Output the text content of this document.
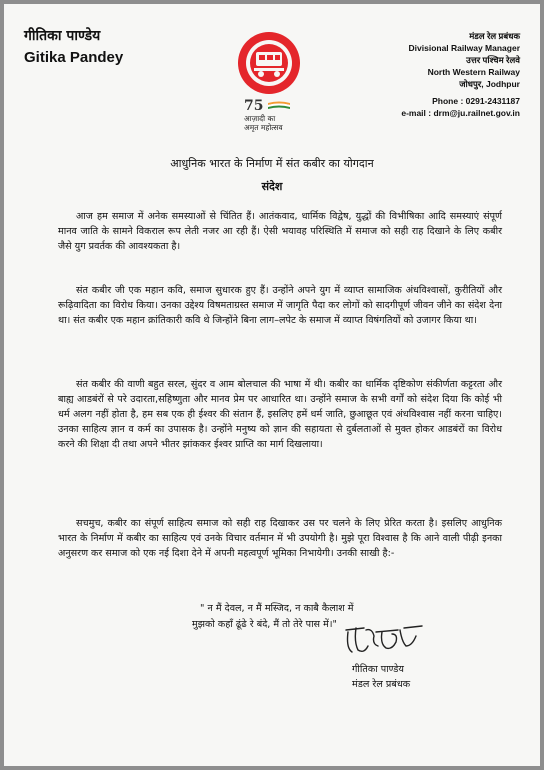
गीतिका पाण्डेय
Gitika Pandey
75
आज़ादी का
अमृत महोत्सव
मंडल रेल प्रबंधक
Divisional Railway Manager
उत्तर पश्चिम रेलवे
North Western Railway
जोधपुर, Jodhpur
Phone : 0291-2431187
e-mail : drm@ju.railnet.gov.in
आधुनिक भारत के निर्माण में संत कबीर का योगदान
संदेश
आज हम समाज में अनेक समस्याओं से चिंतित हैं। आतंकवाद, धार्मिक विद्वेष, युद्धों की विभीषिका आदि समस्याएं संपूर्ण मानव जाति के सामने विकराल रूप लेती नजर आ रही हैं। ऐसी भयावह परिस्थिति में समाज को सही राह दिखाने के लिए कबीर जैसे युग प्रवर्तक की आवश्यकता है।
संत कबीर जी एक महान कवि, समाज सुधारक हुए हैं। उन्होंने अपने युग में व्याप्त सामाजिक अंधविश्वासों, कुरीतियों और रूढ़िवादिता का विरोध किया। उनका उद्देश्य विषमताग्रस्त समाज में जागृति पैदा कर लोगों को सादगीपूर्ण जीवन जीने का संदेश देना था। संत कबीर एक महान क्रांतिकारी कवि थे जिन्होंने बिना लाग–लपेट के समाज में व्याप्त विषंगतियों को उजागर किया था।
संत कबीर की वाणी बहुत सरल, सुंदर व आम बोलचाल की भाषा में थी। कबीर का धार्मिक दृष्टिकोण संकीर्णता कट्टरता और बाह्य आडबंरों से परे उदारता,सहिष्णुता और मानव प्रेम पर आधारित था। उन्होंने समाज के सभी वर्गों को संदेश दिया कि कोई भी धर्म अलग नहीं होता है, हम सब एक ही ईश्वर की संतान हैं, इसलिए हमें धर्म जाति, छुआछूत एवं अंधविश्वास नहीं करना चाहिए। उनका साहित्य ज्ञान व कर्म का उपासक है। उन्होंने मनुष्य को ज्ञान की सहायता से दुर्बलताओं से मुक्त होकर आडबंरों का विरोध करने की शिक्षा दी तथा अपने भीतर झांककर ईश्वर प्राप्ति का मार्ग दिखलाया।
सचमुच, कबीर का संपूर्ण साहित्य समाज को सही राह दिखाकर उस पर चलने के लिए प्रेरित करता है। इसलिए आधुनिक भारत के निर्माण में कबीर का साहित्य एवं उनके विचार वर्तमान में भी उपयोगी है। मुझे पूरा विश्वास है कि आने वाली पीढ़ी इनका अनुसरण कर समाज को एक नई दिशा देने में अपनी महत्वपूर्ण भूमिका निभायेगी। उनकी साखी है:-
" न मैं देवल, न मैं मस्जिद, न काबै कैलाश में
मुझको कहाँ ढूंढे रे बंदे, मैं तो तेरे पास में।"
गीतिका पाण्डेय
मंडल रेल प्रबंधक
